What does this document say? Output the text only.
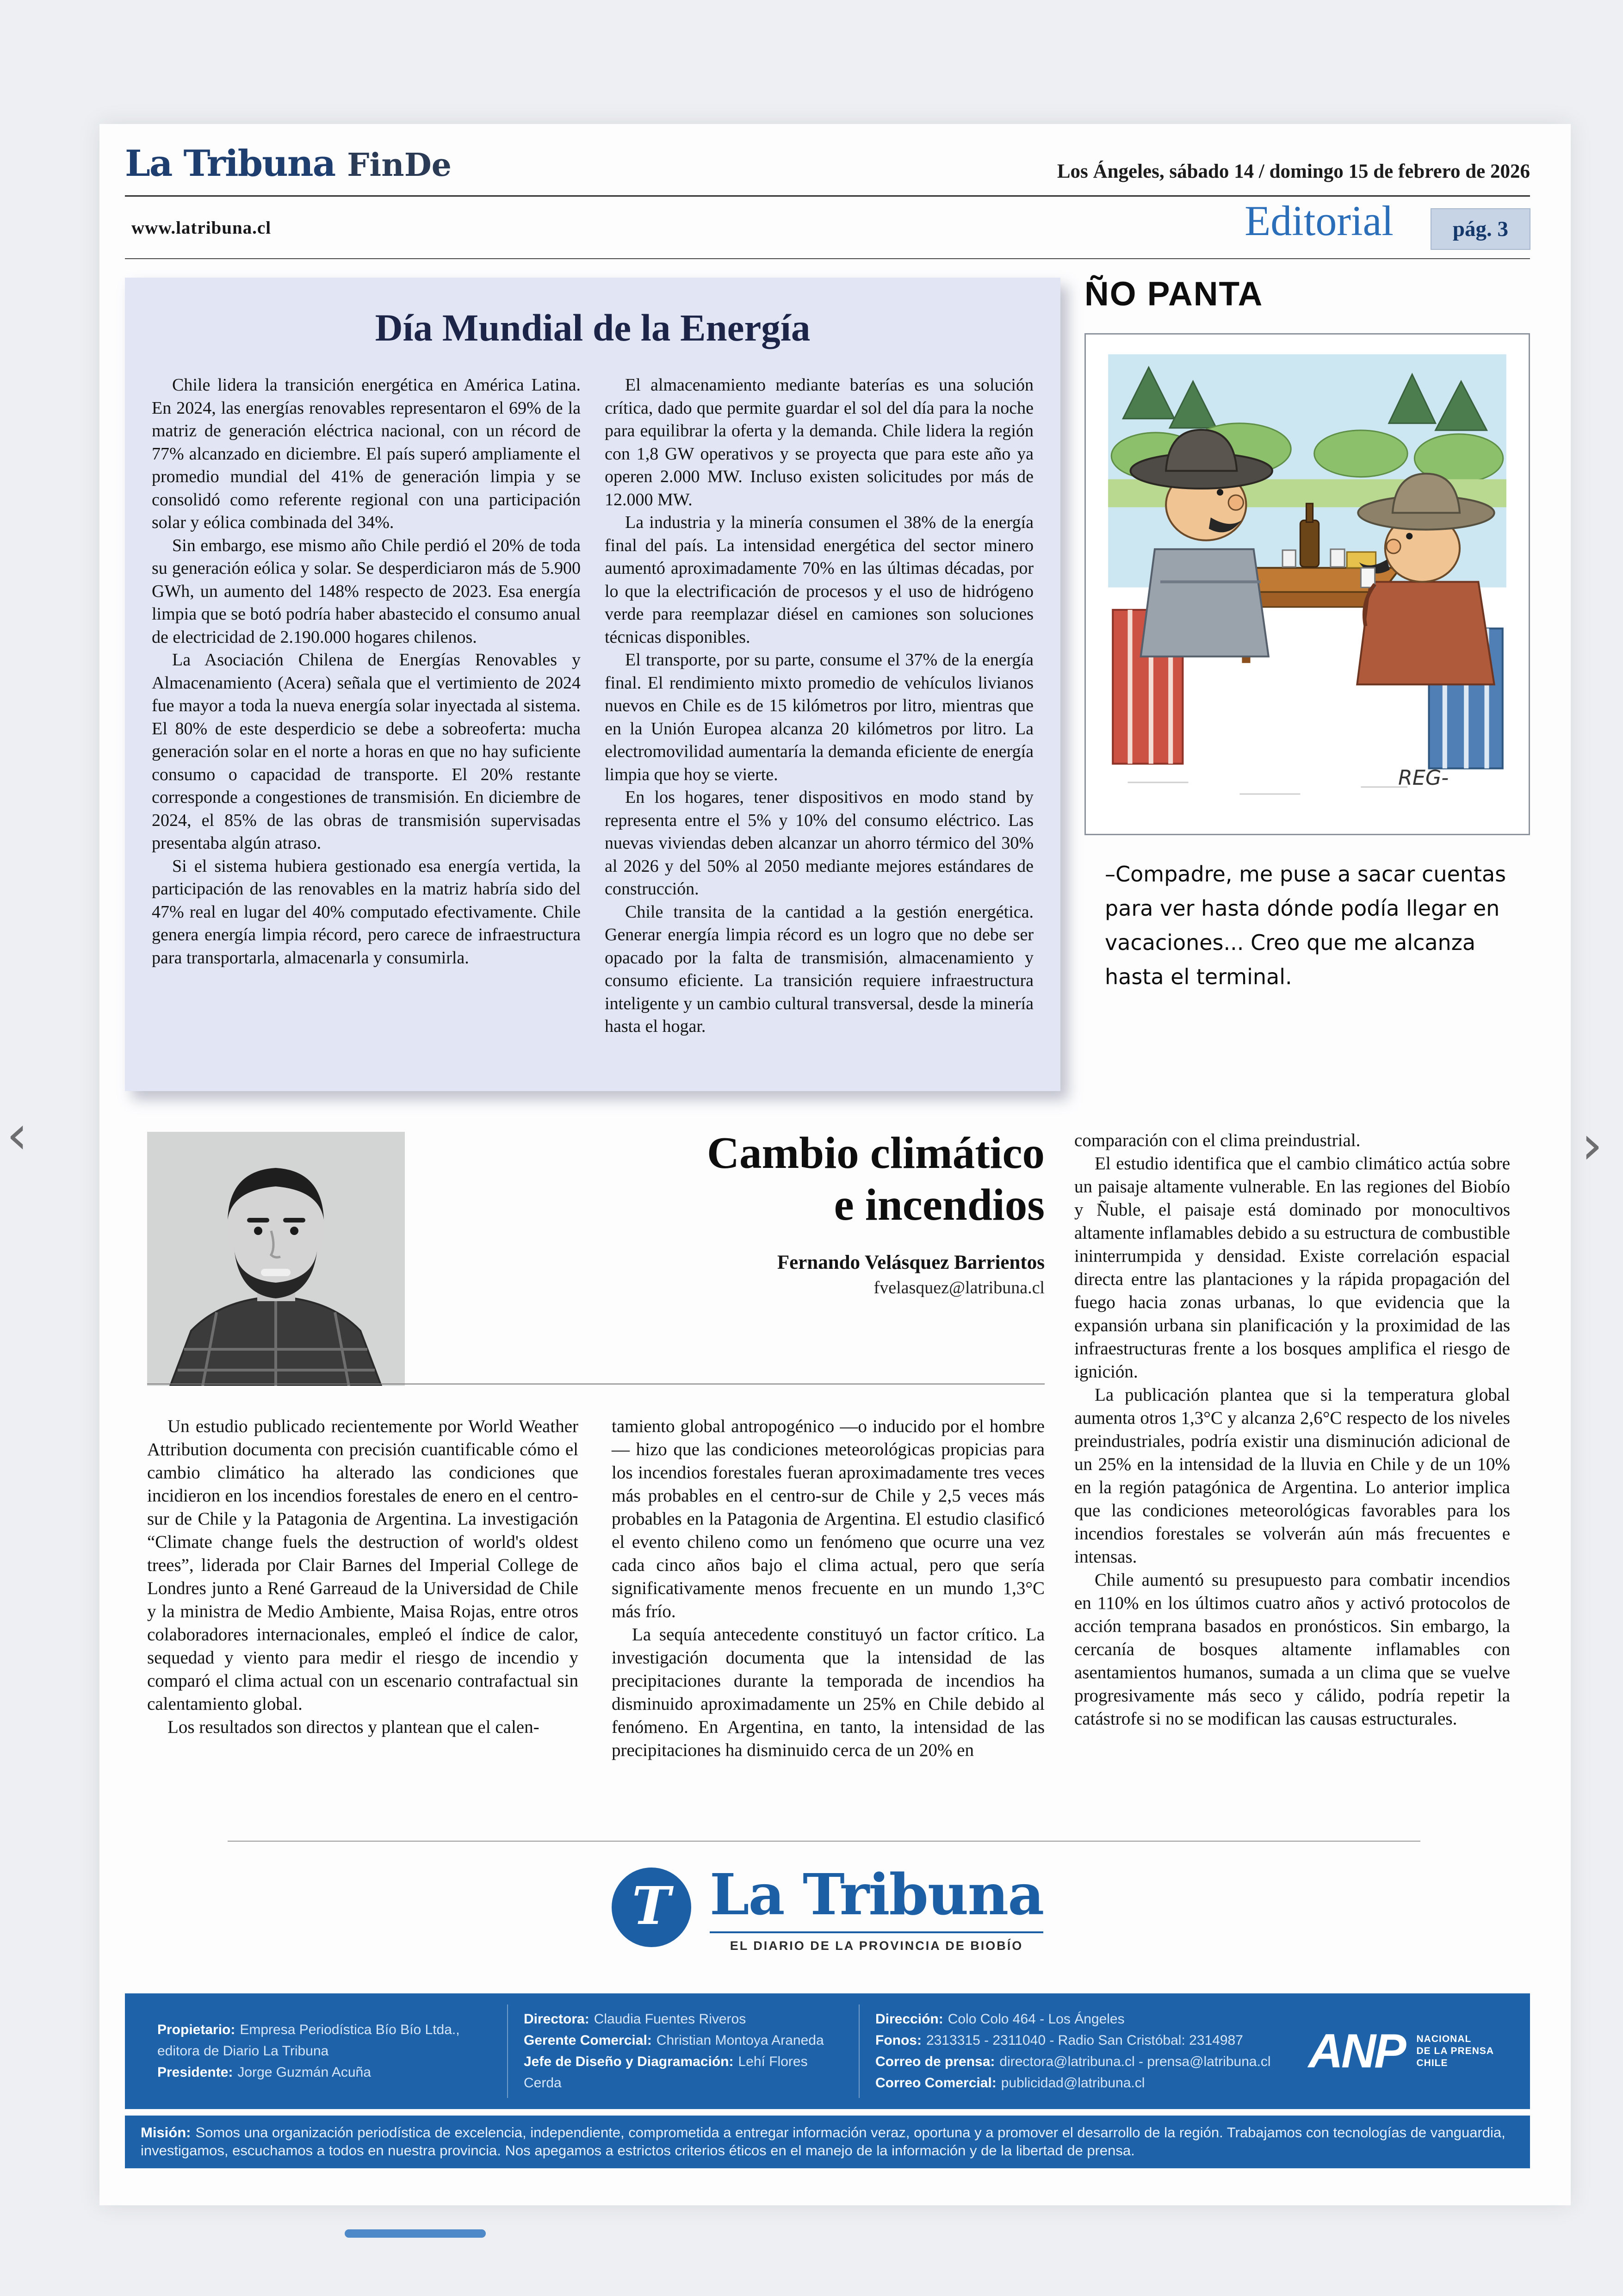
La Tribuna FinDe	Los Ángeles, sábado 14 / domingo 15 de febrero de 2026
www.latribuna.cl	Editorial	pág. 3
Día Mundial de la Energía

Chile lidera la transición energética en América Latina. En 2024, las energías renovables representaron el 69% de la matriz de generación eléctrica nacional, con un récord de 77% alcanzado en diciembre. El país superó ampliamente el promedio mundial del 41% de generación limpia y se consolidó como referente regional con una participación solar y eólica combinada del 34%.

Sin embargo, ese mismo año Chile perdió el 20% de toda su generación eólica y solar. Se desperdiciaron más de 5.900 GWh, un aumento del 148% respecto de 2023. Esa energía limpia que se botó podría haber abastecido el consumo anual de electricidad de 2.190.000 hogares chilenos.

La Asociación Chilena de Energías Renovables y Almacenamiento (Acera) señala que el vertimiento de 2024 fue mayor a toda la nueva energía solar inyectada al sistema. El 80% de este desperdicio se debe a sobreoferta: mucha generación solar en el norte a horas en que no hay suficiente consumo o capacidad de transporte. El 20% restante corresponde a congestiones de transmisión. En diciembre de 2024, el 85% de las obras de transmisión supervisadas presentaba algún atraso.

Si el sistema hubiera gestionado esa energía vertida, la participación de las renovables en la matriz habría sido del 47% real en lugar del 40% computado efectivamente. Chile genera energía limpia récord, pero carece de infraestructura para transportarla, almacenarla y consumirla.

El almacenamiento mediante baterías es una solución crítica, dado que permite guardar el sol del día para la noche para equilibrar la oferta y la demanda. Chile lidera la región con 1,8 GW operativos y se proyecta que para este año ya operen 2.000 MW. Incluso existen solicitudes por más de 12.000 MW.

La industria y la minería consumen el 38% de la energía final del país. La intensidad energética del sector minero aumentó aproximadamente 70% en las últimas décadas, por lo que la electrificación de procesos y el uso de hidrógeno verde para reemplazar diésel en camiones son soluciones técnicas disponibles.

El transporte, por su parte, consume el 37% de la energía final. El rendimiento mixto promedio de vehículos livianos nuevos en Chile es de 15 kilómetros por litro, mientras que en la Unión Europea alcanza 20 kilómetros por litro. La electromovilidad aumentaría la demanda eficiente de energía limpia que hoy se vierte.

En los hogares, tener dispositivos en modo stand by representa entre el 5% y 10% del consumo eléctrico. Las nuevas viviendas deben alcanzar un ahorro térmico del 30% al 2026 y del 50% al 2050 mediante mejores estándares de construcción.

Chile transita de la cantidad a la gestión energética. Generar energía limpia récord es un logro que no debe ser opacado por la falta de transmisión, almacenamiento y consumo eficiente. La transición requiere infraestructura inteligente y un cambio cultural transversal, desde la minería hasta el hogar.

ÑO PANTA
REG-

–Compadre, me puse a sacar cuentas para ver hasta dónde podía llegar en vacaciones... Creo que me alcanza hasta el terminal.

Cambio climático
e incendios
Fernando Velásquez Barrientos
fvelasquez@latribuna.cl

Un estudio publicado recientemente por World Weather Attribution documenta con precisión cuantificable cómo el cambio climático ha alterado las condiciones que incidieron en los incendios forestales de enero en el centro-sur de Chile y la Patagonia de Argentina. La investigación “Climate change fuels the destruction of world's oldest trees”, liderada por Clair Barnes del Imperial College de Londres junto a René Garreaud de la Universidad de Chile y la ministra de Medio Ambiente, Maisa Rojas, entre otros colaboradores internacionales, empleó el índice de calor, sequedad y viento para medir el riesgo de incendio y comparó el clima actual con un escenario contrafactual sin calentamiento global.

Los resultados son directos y plantean que el calen-

tamiento global antropogénico —o inducido por el hombre— hizo que las condiciones meteorológicas propicias para los incendios forestales fueran aproximadamente tres veces más probables en el centro-sur de Chile y 2,5 veces más probables en la Patagonia de Argentina. El estudio clasificó el evento chileno como un fenómeno que ocurre una vez cada cinco años bajo el clima actual, pero que sería significativamente menos frecuente en un mundo 1,3°C más frío.

La sequía antecedente constituyó un factor crítico. La investigación documenta que la intensidad de las precipitaciones durante la temporada de incendios ha disminuido aproximadamente un 25% en Chile debido al fenómeno. En Argentina, en tanto, la intensidad de las precipitaciones ha disminuido cerca de un 20% en

comparación con el clima preindustrial.

El estudio identifica que el cambio climático actúa sobre un paisaje altamente vulnerable. En las regiones del Biobío y Ñuble, el paisaje está dominado por monocultivos altamente inflamables debido a su estructura de combustible ininterrumpida y densidad. Existe correlación espacial directa entre las plantaciones y la rápida propagación del fuego hacia zonas urbanas, lo que evidencia que la expansión urbana sin planificación y la proximidad de las infraestructuras frente a los bosques amplifica el riesgo de ignición.

La publicación plantea que si la temperatura global aumenta otros 1,3°C y alcanza 2,6°C respecto de los niveles preindustriales, podría existir una disminución adicional de un 25% en la intensidad de la lluvia en Chile y de un 10% en la región patagónica de Argentina. Lo anterior implica que las condiciones meteorológicas favorables para los incendios forestales se volverán aún más frecuentes e intensas.

Chile aumentó su presupuesto para combatir incendios en 110% en los últimos cuatro años y activó protocolos de acción temprana basados en pronósticos. Sin embargo, la cercanía de bosques altamente inflamables con asentamientos humanos, sumada a un clima que se vuelve progresivamente más seco y cálido, podría repetir la catástrofe si no se modifican las causas estructurales.

T La Tribuna
EL DIARIO DE LA PROVINCIA DE BIOBÍO
Propietario: Empresa Periodística Bío Bío Ltda., editora de Diario La Tribuna
Presidente: Jorge Guzmán Acuña
Directora: Claudia Fuentes Riveros
Gerente Comercial: Christian Montoya Araneda
Jefe de Diseño y Diagramación: Lehí Flores Cerda
Dirección: Colo Colo 464 - Los Ángeles
Fonos: 2313315 - 2311040 - Radio San Cristóbal: 2314987
Correo de prensa: directora@latribuna.cl - prensa@latribuna.cl
Correo Comercial: publicidad@latribuna.cl
ANP NACIONAL
DE LA PRENSA
CHILE
Misión: Somos una organización periodística de excelencia, independiente, comprometida a entregar información veraz, oportuna y a promover el desarrollo de la región. Trabajamos con tecnologías de vanguardia, investigamos, escuchamos a todos en nuestra provincia. Nos apegamos a estrictos criterios éticos en el manejo de la información y de la libertad de prensa.
‹	›
